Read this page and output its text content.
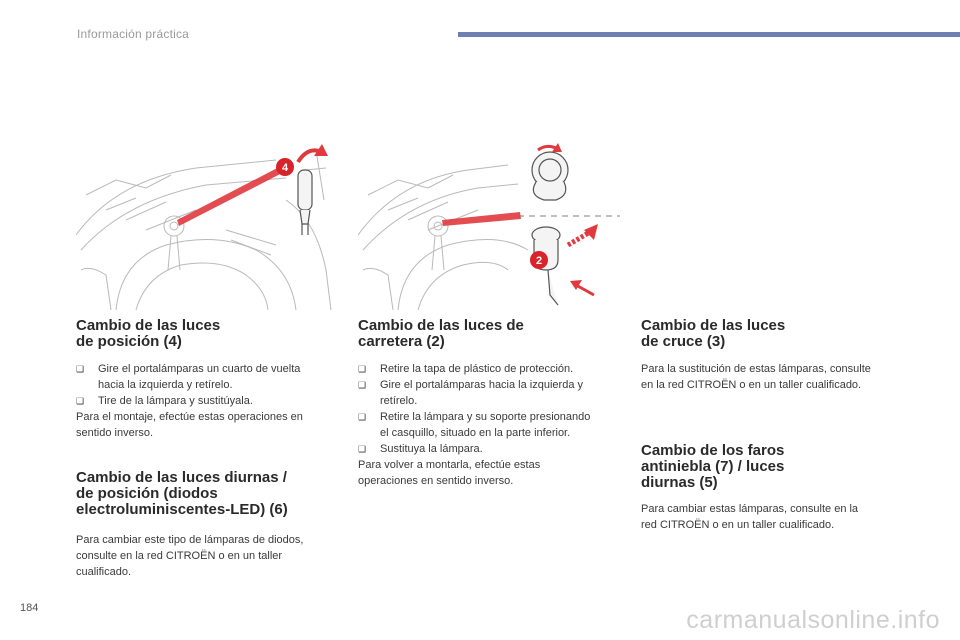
Información práctica
4
2
Cambio de las luces
de posición (4)
❏ Gire el portalámparas un cuarto de vuelta
hacia la izquierda y retírelo.
❏ Tire de la lámpara y sustitúyala.

Para el montaje, efectúe estas operaciones en
sentido inverso.

Cambio de las luces diurnas /
de posición (diodos
electroluminiscentes-LED) (6)

Para cambiar este tipo de lámparas de diodos,
consulte en la red CITROËN o en un taller
cualificado.

Cambio de las luces de
carretera (2)
❏ Retire la tapa de plástico de protección.
❏ Gire el portalámparas hacia la izquierda y
retírelo.
❏ Retire la lámpara y su soporte presionando
el casquillo, situado en la parte inferior.
❏ Sustituya la lámpara.

Para volver a montarla, efectúe estas
operaciones en sentido inverso.

Cambio de las luces
de cruce (3)

Para la sustitución de estas lámparas, consulte
en la red CITROËN o en un taller cualificado.

Cambio de los faros
antiniebla (7) / luces
diurnas (5)

Para cambiar estas lámparas, consulte en la
red CITROËN o en un taller cualificado.

184	carmanualsonline.info
